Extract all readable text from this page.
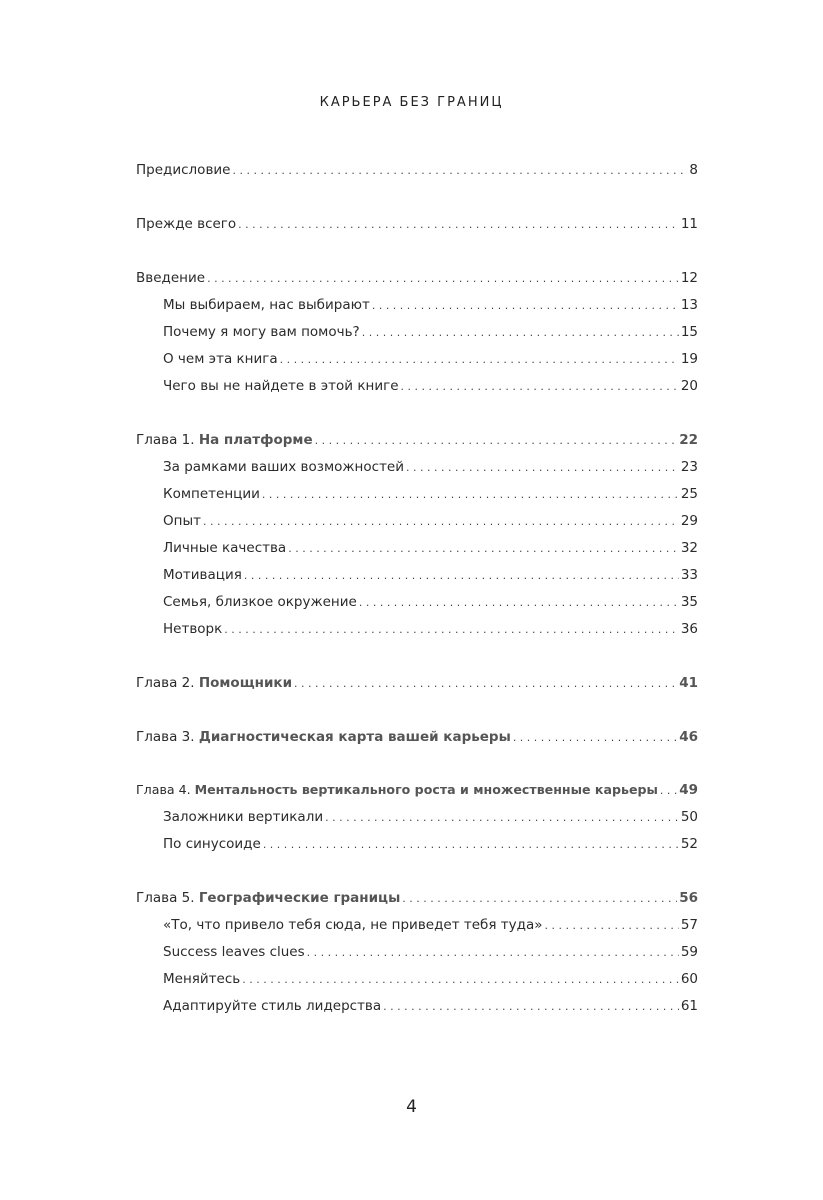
КАРЬЕРА БЕЗ ГРАНИЦ
Предисловие . . .	8
Прежде всего . . .	11
Введение . . .	12
Мы выбираем, нас выбирают . . .	13
Почему я могу вам помочь? . . .	15
О чем эта книга . . .	19
Чего вы не найдете в этой книге . . .	20
Глава 1. На платформе . . .	22
За рамками ваших возможностей . . .	23
Компетенции . . .	25
Опыт . . .	29
Личные качества . . .	32
Мотивация . . .	33
Семья, близкое окружение . . .	35
Нетворк . . .	36
Глава 2. Помощники . . .	41
Глава 3. Диагностическая карта вашей карьеры . . .	46
Глава 4. Ментальность вертикального роста и множественные карьеры . . . 49
Заложники вертикали . . .	50
По синусоиде . . .	52
Глава 5. Географические границы . . .	56
«То, что привело тебя сюда, не приведет тебя туда» . . .	57
Success leaves clues . . .	59
Меняйтесь . . .	60
Адаптируйте стиль лидерства . . .	61
4
